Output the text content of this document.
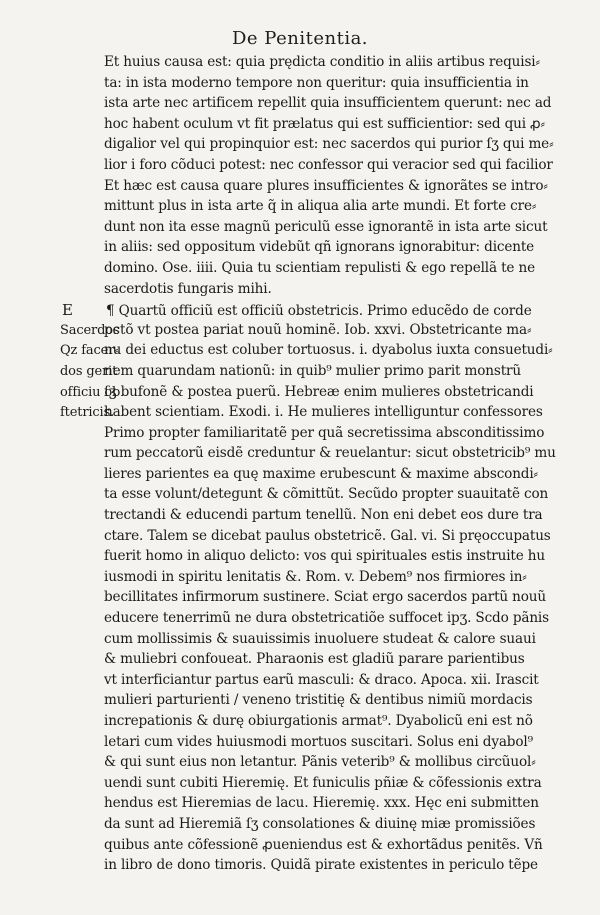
De Penitentia.
Et huius causa est: quia prędicta conditio in aliis artibus requisi⸗
ta: in ista moderno tempore non queritur: quia insufficientia in
ista arte nec artificem repellit quia insufficientem querunt: nec ad
hoc habent oculum vt fit prælatus qui est sufficientior: sed qui ꝓ⸗
digalior vel qui propinquior est: nec sacerdos qui purior ſʒ qui me⸗
lior i foro cõduci potest: nec confessor qui veracior sed qui facilior
Et hæc est causa quare plures insufficientes & ignorãtes se intro⸗
mittunt plus in ista arte q̃ in aliqua alia arte mundi. Et forte cre⸗
dunt non ita esse magnũ periculũ esse ignorantẽ in ista arte sicut
in aliis: sed oppositum videbũt qñ ignorans ignorabitur: dicente
domino. Ose. iiii. Quia tu scientiam repulisti & ego repellã te ne
sacerdotis fungaris mihi.
E	¶ Quartũ officiũ est officiũ obstetricis. Primo educẽdo de corde
Sacerdos
pctõ vt postea pariat nouũ hominẽ. Iob. xxvi. Obstetricante ma⸗
Qz facer⸗
nu dei eductus est coluber tortuosus. i. dyabolus iuxta consuetudi⸗
dos gerit
nem quarundam nationũ: in quib⁹ mulier primo parit monstrũ
officiu ob
ſʒ bufonẽ & postea puerũ. Hebreæ enim mulieres obstetricandi
ftetricis.
habent scientiam. Exodi. i. He mulieres intelliguntur confessores
Primo propter familiaritatẽ per quã secretissima absconditissimo
rum peccatorũ eisdẽ creduntur & reuelantur: sicut obstetricib⁹ mu
lieres parientes ea quę maxime erubescunt & maxime abscondi⸗
ta esse volunt/detegunt & cõmittũt. Secũdo propter suauitatẽ con
trectandi & educendi partum tenellũ. Non eni debet eos dure tra
ctare. Talem se dicebat paulus obstetricẽ. Gal. vi. Si pręoccupatus
fuerit homo in aliquo delicto: vos qui spirituales estis instruite hu
iusmodi in spiritu lenitatis &. Rom. v. Debem⁹ nos firmiores in⸗
becillitates infirmorum sustinere. Sciat ergo sacerdos partũ nouũ
educere tenerrimũ ne dura obstetricatiõe suffocet ipʒ. Scdo pãnis
cum mollissimis & suauissimis inuoluere studeat & calore suaui
& muliebri confoueat. Pharaonis est gladiũ parare parientibus
vt interficiantur partus earũ masculi: & draco. Apoca. xii. Irascit
mulieri parturienti / veneno tristitię & dentibus nimiũ mordacis
increpationis & durę obiurgationis armat⁹. Dyabolicũ eni est nõ
letari cum vides huiusmodi mortuos suscitari. Solus eni dyabol⁹
& qui sunt eius non letantur. Pãnis veterib⁹ & mollibus circũuol⸗
uendi sunt cubiti Hieremię. Et funiculis pñiæ & cõfessionis extra
hendus est Hieremias de lacu. Hieremię. xxx. Hęc eni submitten
da sunt ad Hieremiã ſʒ consolationes & diuinę miæ promissiões
quibus ante cõfessionẽ ꝓueniendus est & exhortãdus penitẽs. Vñ
in libro de dono timoris. Quidã pirate existentes in periculo tẽpe
